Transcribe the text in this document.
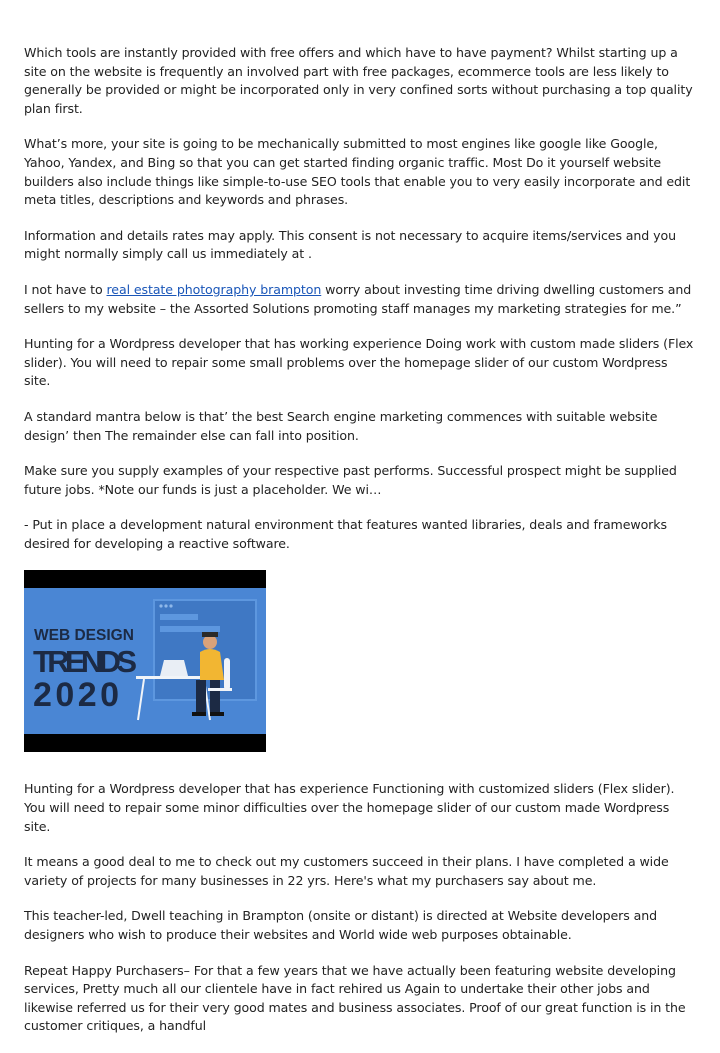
Which tools are instantly provided with free offers and which have to have payment? Whilst starting up a site on the website is frequently an involved part with free packages, ecommerce tools are less likely to generally be provided or might be incorporated only in very confined sorts without purchasing a top quality plan first.

What’s more, your site is going to be mechanically submitted to most engines like google like Google, Yahoo, Yandex, and Bing so that you can get started finding organic traffic. Most Do it yourself website builders also include things like simple-to-use SEO tools that enable you to very easily incorporate and edit meta titles, descriptions and keywords and phrases.

Information and details rates may apply. This consent is not necessary to acquire items/services and you might normally simply call us immediately at .

I not have to real estate photography brampton worry about investing time driving dwelling customers and sellers to my website – the Assorted Solutions promoting staff manages my marketing strategies for me.”

Hunting for a Wordpress developer that has working experience Doing work with custom made sliders (Flex slider). You will need to repair some small problems over the homepage slider of our custom Wordpress site.

A standard mantra below is that’ the best Search engine marketing commences with suitable website design’ then The remainder else can fall into position.

Make sure you supply examples of your respective past performs. Successful prospect might be supplied future jobs. *Note our funds is just a placeholder. We wi…

- Put in place a development natural environment that features wanted libraries, deals and frameworks desired for developing a reactive software.

WEB DESIGN
TRENDS
2020

Hunting for a Wordpress developer that has experience Functioning with customized sliders (Flex slider). You will need to repair some minor difficulties over the homepage slider of our custom made Wordpress site.

It means a good deal to me to check out my customers succeed in their plans. I have completed a wide variety of projects for many businesses in 22 yrs. Here's what my purchasers say about me.

This teacher-led, Dwell teaching in Brampton (onsite or distant) is directed at Website developers and designers who wish to produce their websites and World wide web purposes obtainable.

Repeat Happy Purchasers– For that a few years that we have actually been featuring website developing services, Pretty much all our clientele have in fact rehired us Again to undertake their other jobs and likewise referred us for their very good mates and business associates. Proof of our great function is in the customer critiques, a handful
